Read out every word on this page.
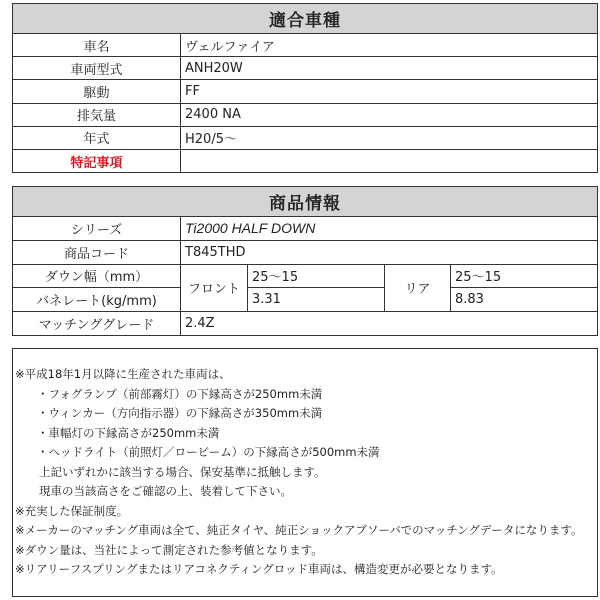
適合車種	
車名	ヴェルファイア
車両型式	ANH20W
駆動	FF
排気量	2400 NA
年式	H20/5～
特記事項	
商品情報				
シリーズ	Ti2000 HALF DOWN			
商品コード	T845THD			
ダウン幅（mm）	フロント	25～15	リア	25～15
バネレート(kg/mm)		3.31		8.83
マッチンググレード	2.4Z			
※平成18年1月以降に生産された車両は、
・フォグランプ（前部霧灯）の下縁高さが250mm未満
・ウィンカー（方向指示器）の下縁高さが350mm未満
・車幅灯の下縁高さが250mm未満
・ヘッドライト（前照灯／ロービーム）の下縁高さが500mm未満
上記いずれかに該当する場合、保安基準に抵触します。
現車の当該高さをご確認の上、装着して下さい。
※充実した保証制度。
※メーカーのマッチング車両は全て、純正タイヤ、純正ショックアブソーバでのマッチングデータになります。
※ダウン量は、当社によって測定された参考値となります。
※リアリーフスプリングまたはリアコネクティングロッド車両は、構造変更が必要となります。
